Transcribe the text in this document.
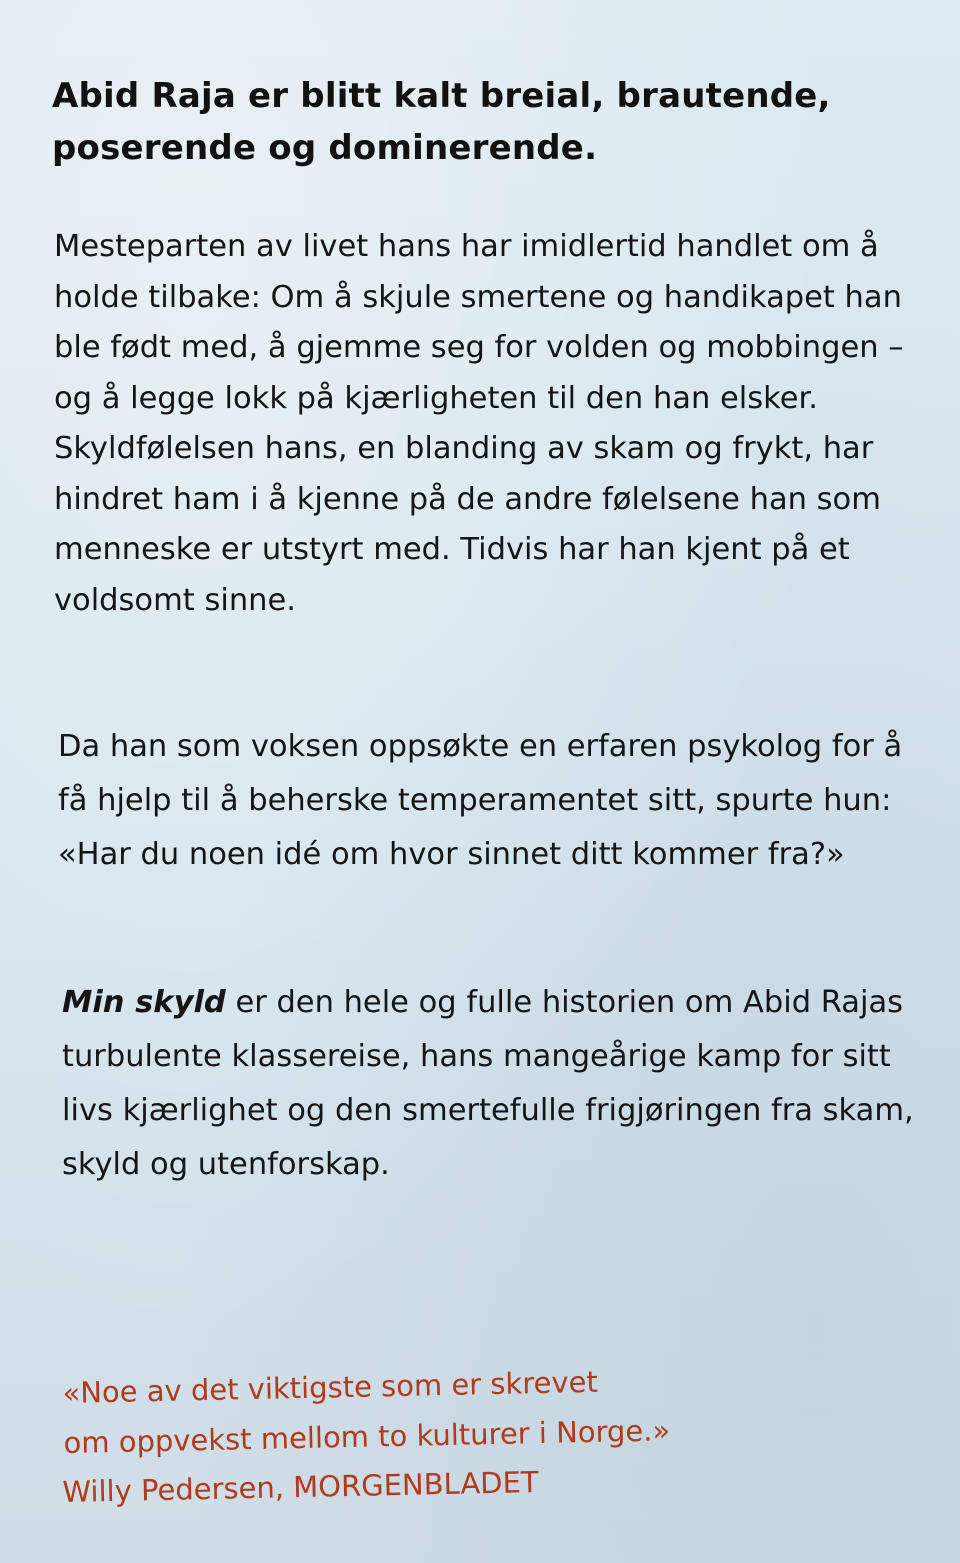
Abid Raja er blitt kalt breial, brautende,
poserende og dominerende.

Mesteparten av livet hans har imidlertid handlet om å holde tilbake: Om å skjule smertene og handikapet han ble født med, å gjemme seg for volden og mobbingen – og å legge lokk på kjærligheten til den han elsker. Skyldfølelsen hans, en blanding av skam og frykt, har hindret ham i å kjenne på de andre følelsene han som menneske er utstyrt med. Tidvis har han kjent på et voldsomt sinne.

Da han som voksen oppsøkte en erfaren psykolog for å få hjelp til å beherske temperamentet sitt, spurte hun: «Har du noen idé om hvor sinnet ditt kommer fra?»

Min skyld er den hele og fulle historien om Abid Rajas turbulente klassereise, hans mangeårige kamp for sitt livs kjærlighet og den smertefulle frigjøringen fra skam, skyld og utenforskap.

«Noe av det viktigste som er skrevet
om oppvekst mellom to kulturer i Norge.»

Willy Pedersen, MORGENBLADET
